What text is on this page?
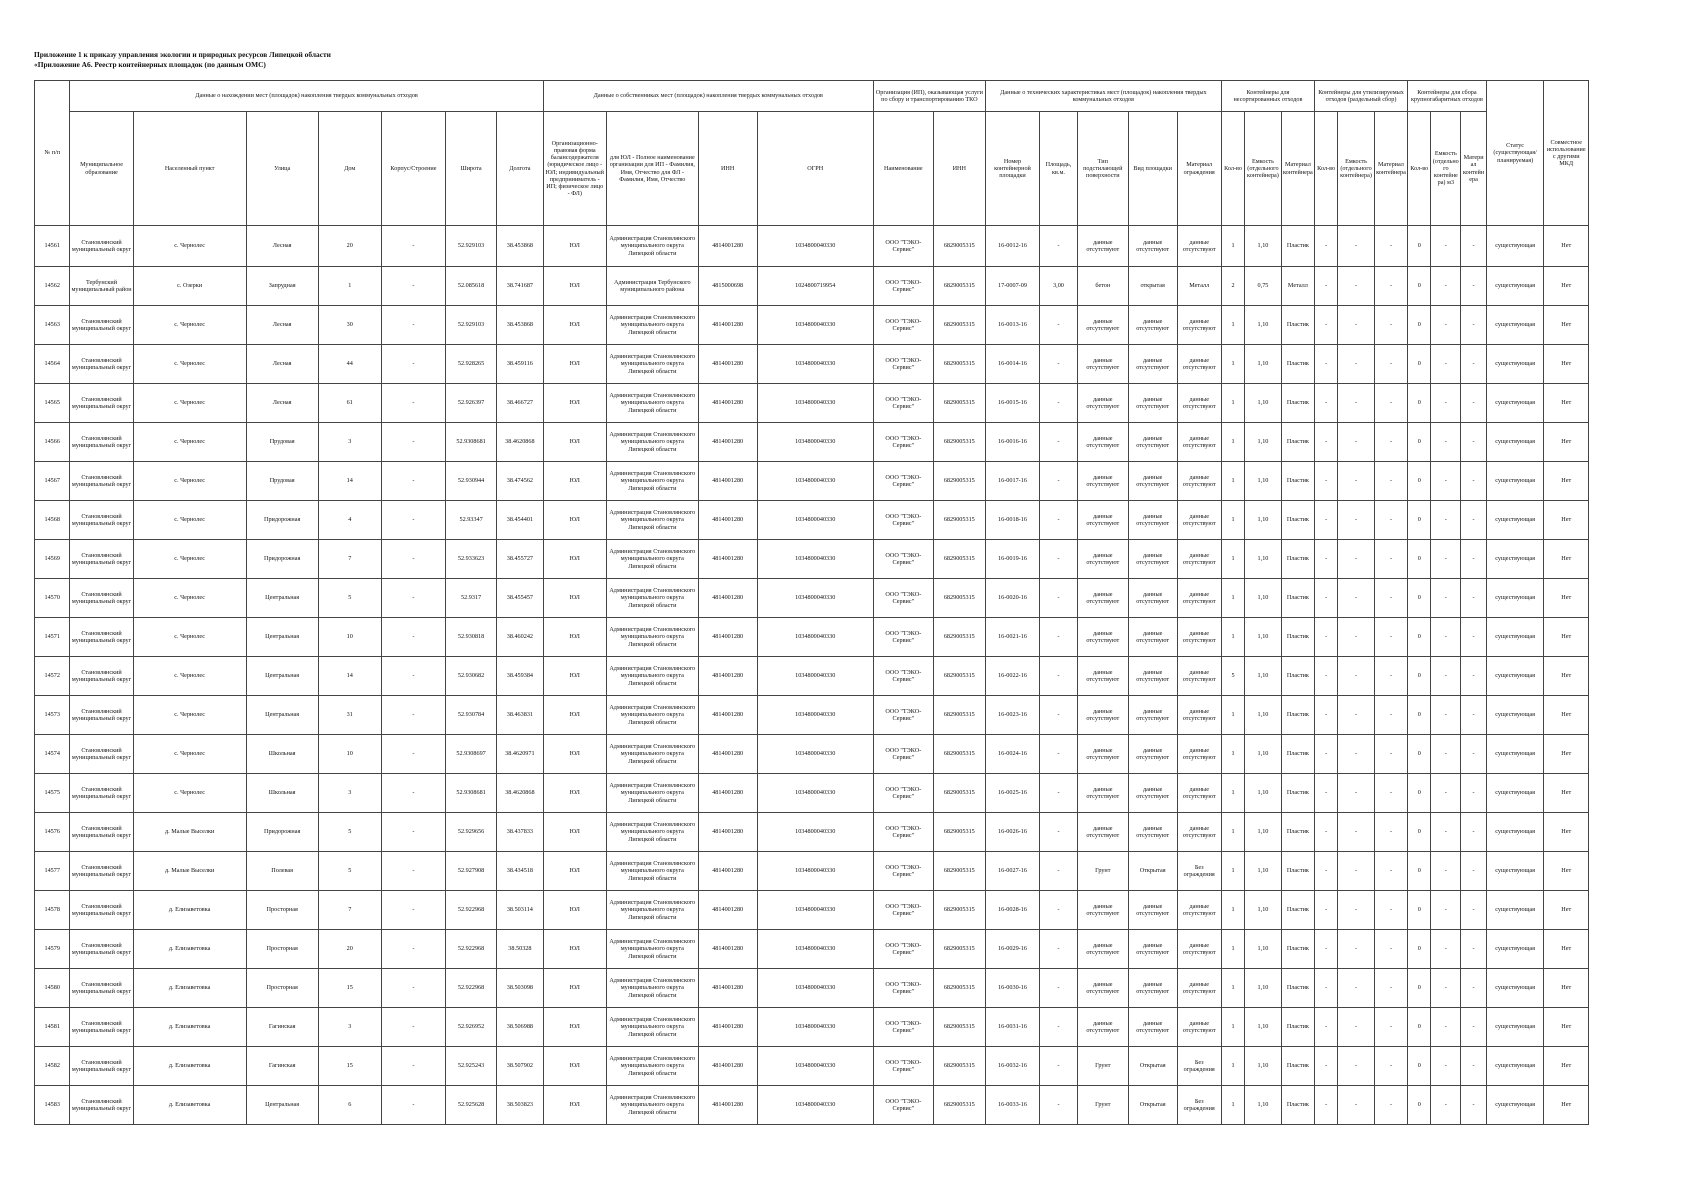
Приложение 1 к приказу управления экологии и природных ресурсов Липецкой области
«Приложение А6. Реестр контейнерных площадок (по данным ОМС)
№ п/п	Данные о нахождении мест (площадок) накопления твердых коммунальных отходов							Данные о собственниках мест (площадок) накопления твердых коммунальных отходов				Организация (ИП), оказывающая услуги по сбору и транспортированию ТКО		Данные о технических характеристиках мест (площадок) накопления твердых коммунальных отходов					Контейнеры для несортированных отходов			Контейнеры для утилизируемых отходов (раздельный сбор)			Контейнеры для сбора крупногабаритных отходов			Статус (существующая/планируемая)	Совместное использование с другими МКД
	Муниципальное образование	Населенный пункт	Улица	Дом	Корпус/Строение	Широта	Долгота	Организационно-правовая форма балансодержателя (юридическое лицо - ЮЛ; индивидуальный предприниматель - ИП; физическое лицо - ФЛ)	для ЮЛ - Полное наименование организации для ИП - Фамилия, Имя, Отчество для ФЛ - Фамилия, Имя, Отчество	ИНН	ОГРН	Наименование	ИНН	Номер контейнерной площадки	Площадь, кв.м.	Тип подстилающей поверхности	Вид площадки	Материал ограждения	Кол-во	Емкость (отдельного контейнера)	Материал контейнера	Кол-во	Емкость (отдельного контейнера)	Материал контейнера	Кол-во	Емкость (отдельного контейнера) м3	Материал контейнера		
14561	Становлянский муниципальный округ	с. Чернолес	Лесная	20	-	52.929103	38.453868	ЮЛ	Администрация Становлянского муниципального округа Липецкой области	4814001280	1034800040330	ООО "ТЭКО-Сервис"	6829005315	16-0012-16	-	данные отсутствуют	данные отсутствуют	данные отсутствуют	1	1,10	Пластик	-	-	-	0	-	-	существующая	Нет
14562	Тербунский муниципальный район	с. Озерки	Запрудная	1	-	52.085618	38.741687	ЮЛ	Администрация Тербунского муниципального района	4815000698	1024800719954	ООО "ТЭКО-Сервис"	6829005315	17-0007-09	3,00	бетон	открытая	Металл	2	0,75	Металл	-	-	-	0	-	-	существующая	Нет
14563	Становлянский муниципальный округ	с. Чернолес	Лесная	30	-	52.929103	38.453868	ЮЛ	Администрация Становлянского муниципального округа Липецкой области	4814001280	1034800040330	ООО "ТЭКО-Сервис"	6829005315	16-0013-16	-	данные отсутствуют	данные отсутствуют	данные отсутствуют	1	1,10	Пластик	-	-	-	0	-	-	существующая	Нет
14564	Становлянский муниципальный округ	с. Чернолес	Лесная	44	-	52.928265	38.459116	ЮЛ	Администрация Становлянского муниципального округа Липецкой области	4814001280	1034800040330	ООО "ТЭКО-Сервис"	6829005315	16-0014-16	-	данные отсутствуют	данные отсутствуют	данные отсутствуют	1	1,10	Пластик	-	-	-	0	-	-	существующая	Нет
14565	Становлянский муниципальный округ	с. Чернолес	Лесная	61	-	52.926397	38.466727	ЮЛ	Администрация Становлянского муниципального округа Липецкой области	4814001280	1034800040330	ООО "ТЭКО-Сервис"	6829005315	16-0015-16	-	данные отсутствуют	данные отсутствуют	данные отсутствуют	1	1,10	Пластик	-	-	-	0	-	-	существующая	Нет
14566	Становлянский муниципальный округ	с. Чернолес	Прудовая	3	-	52.9308681	38.4620868	ЮЛ	Администрация Становлянского муниципального округа Липецкой области	4814001280	1034800040330	ООО "ТЭКО-Сервис"	6829005315	16-0016-16	-	данные отсутствуют	данные отсутствуют	данные отсутствуют	1	1,10	Пластик	-	-	-	0	-	-	существующая	Нет
14567	Становлянский муниципальный округ	с. Чернолес	Прудовая	14	-	52.930944	38.474562	ЮЛ	Администрация Становлянского муниципального округа Липецкой области	4814001280	1034800040330	ООО "ТЭКО-Сервис"	6829005315	16-0017-16	-	данные отсутствуют	данные отсутствуют	данные отсутствуют	1	1,10	Пластик	-	-	-	0	-	-	существующая	Нет
14568	Становлянский муниципальный округ	с. Чернолес	Придорожная	4	-	52.93347	38.454401	ЮЛ	Администрация Становлянского муниципального округа Липецкой области	4814001280	1034800040330	ООО "ТЭКО-Сервис"	6829005315	16-0018-16	-	данные отсутствуют	данные отсутствуют	данные отсутствуют	1	1,10	Пластик	-	-	-	0	-	-	существующая	Нет
14569	Становлянский муниципальный округ	с. Чернолес	Придорожная	7	-	52.933623	38.455727	ЮЛ	Администрация Становлянского муниципального округа Липецкой области	4814001280	1034800040330	ООО "ТЭКО-Сервис"	6829005315	16-0019-16	-	данные отсутствуют	данные отсутствуют	данные отсутствуют	1	1,10	Пластик	-	-	-	0	-	-	существующая	Нет
14570	Становлянский муниципальный округ	с. Чернолес	Центральная	5	-	52.9317	38.455457	ЮЛ	Администрация Становлянского муниципального округа Липецкой области	4814001280	1034800040330	ООО "ТЭКО-Сервис"	6829005315	16-0020-16	-	данные отсутствуют	данные отсутствуют	данные отсутствуют	1	1,10	Пластик	-	-	-	0	-	-	существующая	Нет
14571	Становлянский муниципальный округ	с. Чернолес	Центральная	10	-	52.930818	38.460242	ЮЛ	Администрация Становлянского муниципального округа Липецкой области	4814001280	1034800040330	ООО "ТЭКО-Сервис"	6829005315	16-0021-16	-	данные отсутствуют	данные отсутствуют	данные отсутствуют	1	1,10	Пластик	-	-	-	0	-	-	существующая	Нет
14572	Становлянский муниципальный округ	с. Чернолес	Центральная	14	-	52.930682	38.459384	ЮЛ	Администрация Становлянского муниципального округа Липецкой области	4814001280	1034800040330	ООО "ТЭКО-Сервис"	6829005315	16-0022-16	-	данные отсутствуют	данные отсутствуют	данные отсутствуют	5	1,10	Пластик	-	-	-	0	-	-	существующая	Нет
14573	Становлянский муниципальный округ	с. Чернолес	Центральная	31	-	52.930784	38.463831	ЮЛ	Администрация Становлянского муниципального округа Липецкой области	4814001280	1034800040330	ООО "ТЭКО-Сервис"	6829005315	16-0023-16	-	данные отсутствуют	данные отсутствуют	данные отсутствуют	1	1,10	Пластик	-	-	-	0	-	-	существующая	Нет
14574	Становлянский муниципальный округ	с. Чернолес	Школьная	10	-	52.9308697	38.4620971	ЮЛ	Администрация Становлянского муниципального округа Липецкой области	4814001280	1034800040330	ООО "ТЭКО-Сервис"	6829005315	16-0024-16	-	данные отсутствуют	данные отсутствуют	данные отсутствуют	1	1,10	Пластик	-	-	-	0	-	-	существующая	Нет
14575	Становлянский муниципальный округ	с. Чернолес	Школьная	3	-	52.9308681	38.4620868	ЮЛ	Администрация Становлянского муниципального округа Липецкой области	4814001280	1034800040330	ООО "ТЭКО-Сервис"	6829005315	16-0025-16	-	данные отсутствуют	данные отсутствуют	данные отсутствуют	1	1,10	Пластик	-	-	-	0	-	-	существующая	Нет
14576	Становлянский муниципальный округ	д. Малые Выселки	Придорожная	5	-	52.929656	38.437833	ЮЛ	Администрация Становлянского муниципального округа Липецкой области	4814001280	1034800040330	ООО "ТЭКО-Сервис"	6829005315	16-0026-16	-	данные отсутствуют	данные отсутствуют	данные отсутствуют	1	1,10	Пластик	-	-	-	0	-	-	существующая	Нет
14577	Становлянский муниципальный округ	д. Малые Выселки	Полевая	5	-	52.927908	38.434518	ЮЛ	Администрация Становлянского муниципального округа Липецкой области	4814001280	1034800040330	ООО "ТЭКО-Сервис"	6829005315	16-0027-16	-	Грунт	Открытая	Без ограждения	1	1,10	Пластик	-	-	-	0	-	-	существующая	Нет
14578	Становлянский муниципальный округ	д. Елизаветовка	Просторная	7	-	52.922968	38.503114	ЮЛ	Администрация Становлянского муниципального округа Липецкой области	4814001280	1034800040330	ООО "ТЭКО-Сервис"	6829005315	16-0028-16	-	данные отсутствуют	данные отсутствуют	данные отсутствуют	1	1,10	Пластик	-	-	-	0	-	-	существующая	Нет
14579	Становлянский муниципальный округ	д. Елизаветовка	Просторная	20	-	52.922968	38.50328	ЮЛ	Администрация Становлянского муниципального округа Липецкой области	4814001280	1034800040330	ООО "ТЭКО-Сервис"	6829005315	16-0029-16	-	данные отсутствуют	данные отсутствуют	данные отсутствуют	1	1,10	Пластик	-	-	-	0	-	-	существующая	Нет
14580	Становлянский муниципальный округ	д. Елизаветовка	Просторная	15	-	52.922968	38.503098	ЮЛ	Администрация Становлянского муниципального округа Липецкой области	4814001280	1034800040330	ООО "ТЭКО-Сервис"	6829005315	16-0030-16	-	данные отсутствуют	данные отсутствуют	данные отсутствуют	1	1,10	Пластик	-	-	-	0	-	-	существующая	Нет
14581	Становлянский муниципальный округ	д. Елизаветовка	Гагинская	3	-	52.926952	38.506988	ЮЛ	Администрация Становлянского муниципального округа Липецкой области	4814001280	1034800040330	ООО "ТЭКО-Сервис"	6829005315	16-0031-16	-	данные отсутствуют	данные отсутствуют	данные отсутствуют	1	1,10	Пластик	-	-	-	0	-	-	существующая	Нет
14582	Становлянский муниципальный округ	д. Елизаветовка	Гагинская	15	-	52.925243	38.507902	ЮЛ	Администрация Становлянского муниципального округа Липецкой области	4814001280	1034800040330	ООО "ТЭКО-Сервис"	6829005315	16-0032-16	-	Грунт	Открытая	Без ограждения	1	1,10	Пластик	-	-	-	0	-	-	существующая	Нет
14583	Становлянский муниципальный округ	д. Елизаветовка	Центральная	6	-	52.925628	38.503823	ЮЛ	Администрация Становлянского муниципального округа Липецкой области	4814001280	1034800040330	ООО "ТЭКО-Сервис"	6829005315	16-0033-16	-	Грунт	Открытая	Без ограждения	1	1,10	Пластик	-	-	-	0	-	-	существующая	Нет
